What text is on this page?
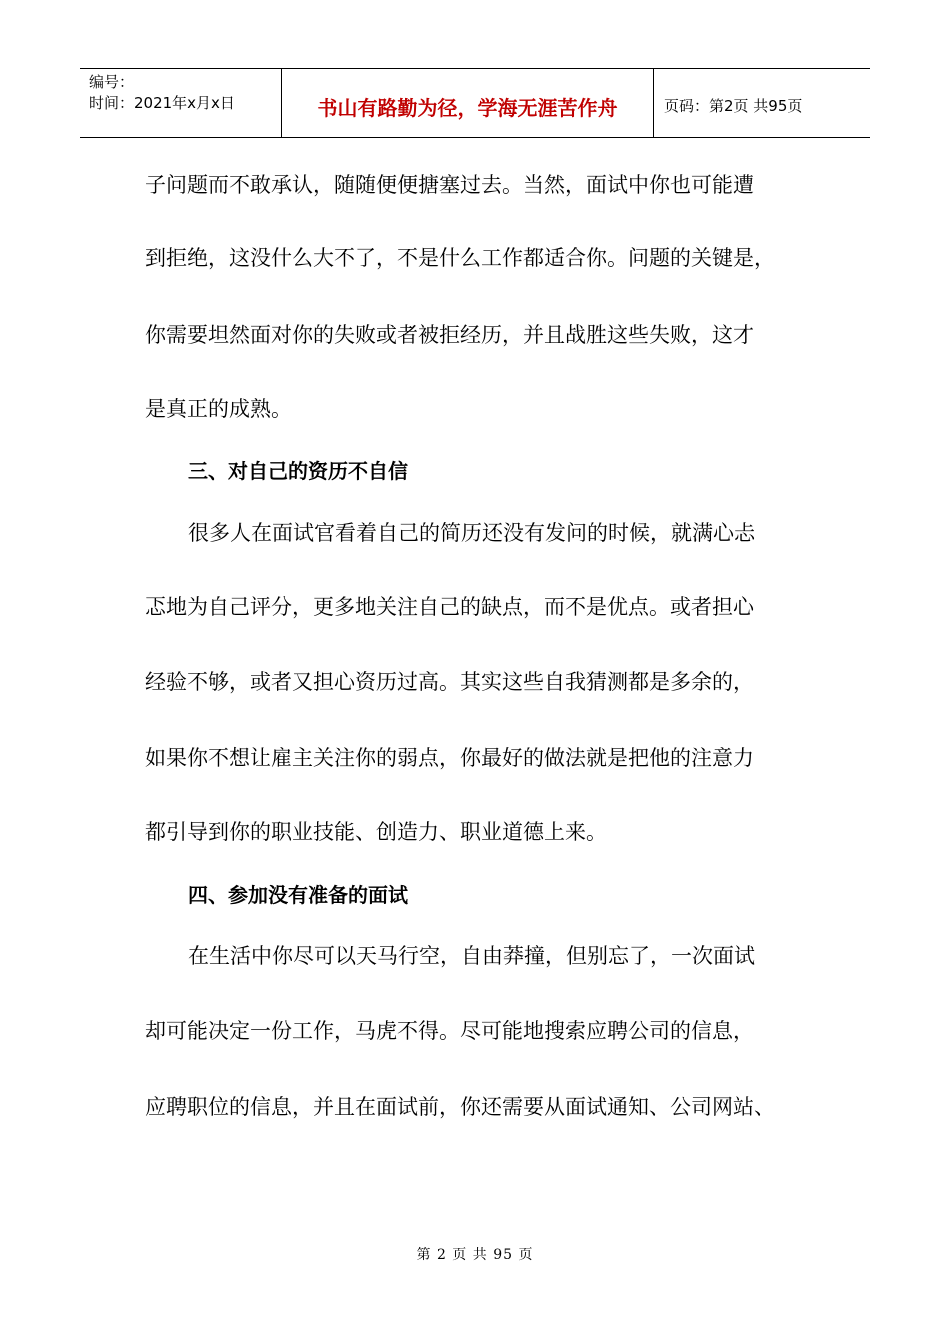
编号：
时间：2021年x月x日	书山有路勤为径，学海无涯苦作舟	页码：第2页 共95页
子问题而不敢承认，随随便便搪塞过去。当然，面试中你也可能遭
到拒绝，这没什么大不了，不是什么工作都适合你。问题的关键是，
你需要坦然面对你的失败或者被拒经历，并且战胜这些失败，这才
是真正的成熟。
三、对自己的资历不自信
很多人在面试官看着自己的简历还没有发问的时候，就满心忐
忑地为自己评分，更多地关注自己的缺点，而不是优点。或者担心
经验不够，或者又担心资历过高。其实这些自我猜测都是多余的，
如果你不想让雇主关注你的弱点，你最好的做法就是把他的注意力
都引导到你的职业技能、创造力、职业道德上来。
四、参加没有准备的面试
在生活中你尽可以天马行空，自由莽撞，但别忘了，一次面试
却可能决定一份工作，马虎不得。尽可能地搜索应聘公司的信息，
应聘职位的信息，并且在面试前，你还需要从面试通知、公司网站、
第 2 页 共 95 页
